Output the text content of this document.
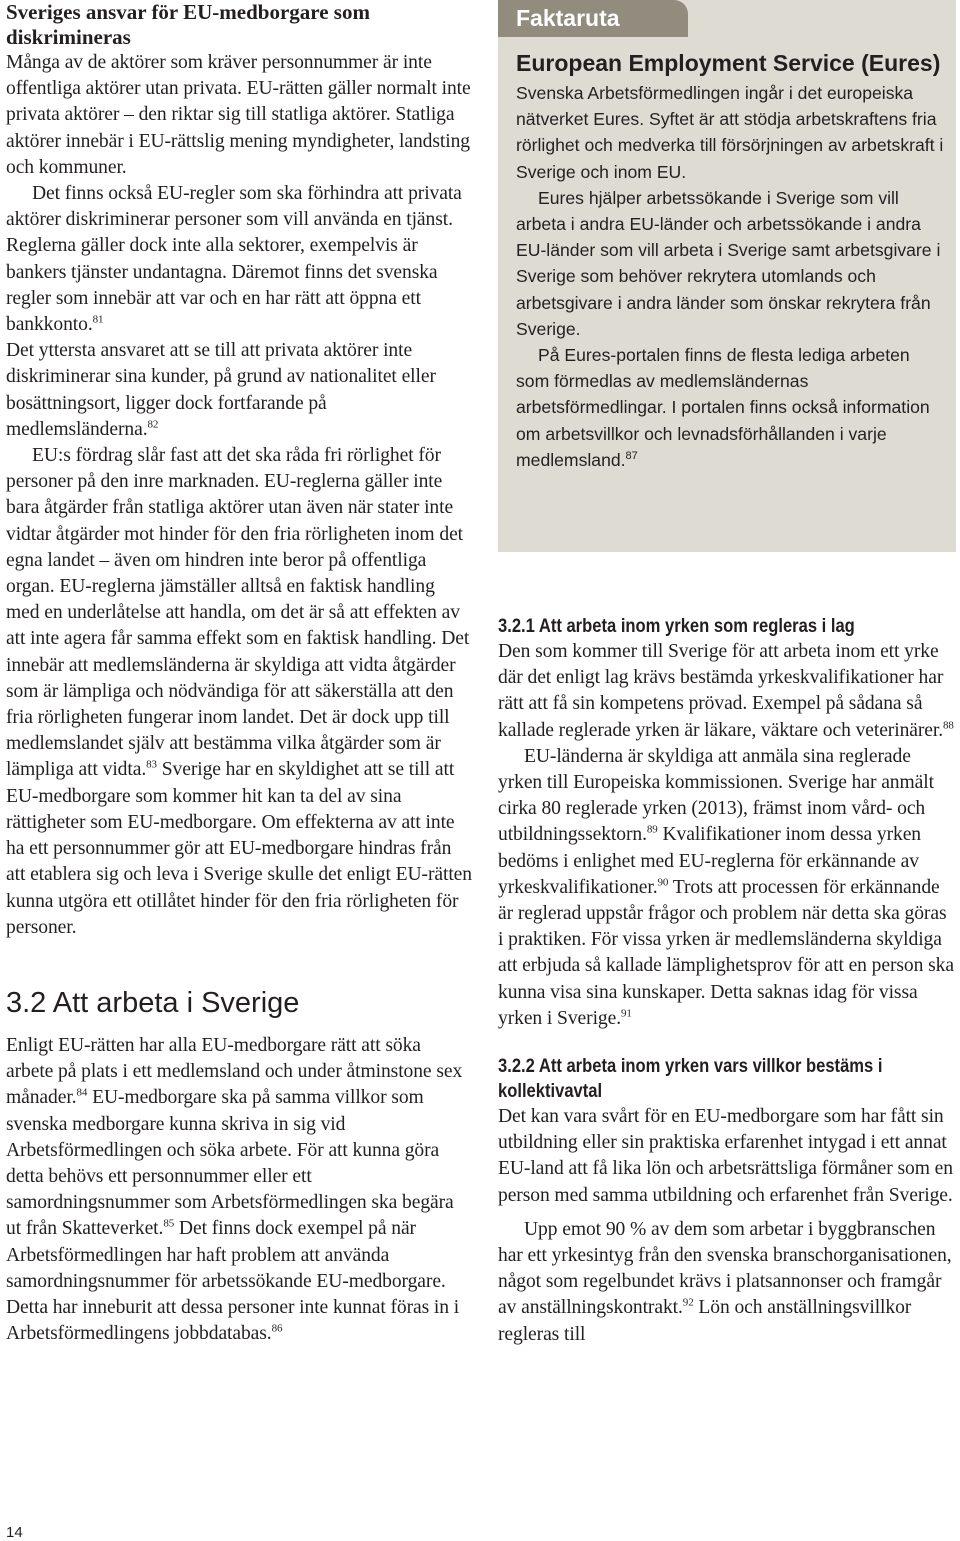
Sveriges ansvar för EU-medborgare som diskrimineras

Många av de aktörer som kräver personnummer är inte offentliga aktörer utan privata. EU-rätten gäller normalt inte privata aktörer – den riktar sig till statliga aktörer. Statliga aktörer innebär i EU-rättslig mening myndigheter, landsting och kommuner.

Det finns också EU-regler som ska förhindra att privata aktörer diskriminerar personer som vill använda en tjänst. Reglerna gäller dock inte alla sektorer, exempelvis är bankers tjänster undantagna. Däremot finns det svenska regler som innebär att var och en har rätt att öppna ett bankkonto.$^{81}$

Det yttersta ansvaret att se till att privata aktörer inte diskriminerar sina kunder, på grund av nationalitet eller bosättningsort, ligger dock fortfarande på medlemsländerna.$^{82}$

EU:s fördrag slår fast att det ska råda fri rörlighet för personer på den inre marknaden. EU-reglerna gäller inte bara åtgärder från statliga aktörer utan även när stater inte vidtar åtgärder mot hinder för den fria rörligheten inom det egna landet – även om hindren inte beror på offentliga organ. EU-reglerna jämställer alltså en faktisk handling med en underlåtelse att handla, om det är så att effekten av att inte agera får samma effekt som en faktisk handling. Det innebär att medlemsländerna är skyldiga att vidta åtgärder som är lämpliga och nödvändiga för att säkerställa att den fria rörligheten fungerar inom landet. Det är dock upp till medlemslandet själv att bestämma vilka åtgärder som är lämpliga att vidta.$^{83}$ Sverige har en skyldighet att se till att EU-medborgare som kommer hit kan ta del av sina rättigheter som EU-medborgare. Om effekterna av att inte ha ett personnummer gör att EU-medborgare hindras från att etablera sig och leva i Sverige skulle det enligt EU-rätten kunna utgöra ett otillåtet hinder för den fria rörligheten för personer.

3.2 Att arbeta i Sverige

Enligt EU-rätten har alla EU-medborgare rätt att söka arbete på plats i ett medlemsland och under åtminstone sex månader.$^{84}$ EU-medborgare ska på samma villkor som svenska medborgare kunna skriva in sig vid Arbetsförmedlingen och söka arbete. För att kunna göra detta behövs ett personnummer eller ett samordningsnummer som Arbetsförmedlingen ska begära ut från Skatteverket.$^{85}$ Det finns dock exempel på när Arbetsförmedlingen har haft problem att använda samordningsnummer för arbetssökande EU-medborgare. Detta har inneburit att dessa personer inte kunnat föras in i Arbetsförmedlingens jobbdatabas.$^{86}$

Faktaruta
European Employment Service (Eures)

Svenska Arbetsförmedlingen ingår i det europeiska nätverket Eures. Syftet är att stödja arbetskraftens fria rörlighet och medverka till försörjningen av arbetskraft i Sverige och inom EU.

Eures hjälper arbetssökande i Sverige som vill arbeta i andra EU-länder och arbetssökande i andra EU-länder som vill arbeta i Sverige samt arbetsgivare i Sverige som behöver rekrytera utomlands och arbetsgivare i andra länder som önskar rekrytera från Sverige.

På Eures-portalen finns de flesta lediga arbeten som förmedlas av medlemsländernas arbetsförmedlingar. I portalen finns också information om arbetsvillkor och levnadsförhållanden i varje medlemsland.$^{87}$

3.2.1 Att arbeta inom yrken som regleras i lag

Den som kommer till Sverige för att arbeta inom ett yrke där det enligt lag krävs bestämda yrkeskvalifikationer har rätt att få sin kompetens prövad. Exempel på sådana så kallade reglerade yrken är läkare, väktare och veterinärer.$^{88}$

EU-länderna är skyldiga att anmäla sina reglerade yrken till Europeiska kommissionen. Sverige har anmält cirka 80 reglerade yrken (2013), främst inom vård- och utbildningssektorn.$^{89}$ Kvalifikationer inom dessa yrken bedöms i enlighet med EU-reglerna för erkännande av yrkeskvalifikationer.$^{90}$ Trots att processen för erkännande är reglerad uppstår frågor och problem när detta ska göras i praktiken. För vissa yrken är medlemsländerna skyldiga att erbjuda så kallade lämplighetsprov för att en person ska kunna visa sina kunskaper. Detta saknas idag för vissa yrken i Sverige.$^{91}$

3.2.2 Att arbeta inom yrken vars villkor bestäms i kollektivavtal

Det kan vara svårt för en EU-medborgare som har fått sin utbildning eller sin praktiska erfarenhet intygad i ett annat EU-land att få lika lön och arbetsrättsliga förmåner som en person med samma utbildning och erfarenhet från Sverige.

Upp emot 90 % av dem som arbetar i byggbranschen har ett yrkesintyg från den svenska branschorganisationen, något som regelbundet krävs i platsannonser och framgår av anställningskontrakt.$^{92}$ Lön och anställningsvillkor regleras till

14
